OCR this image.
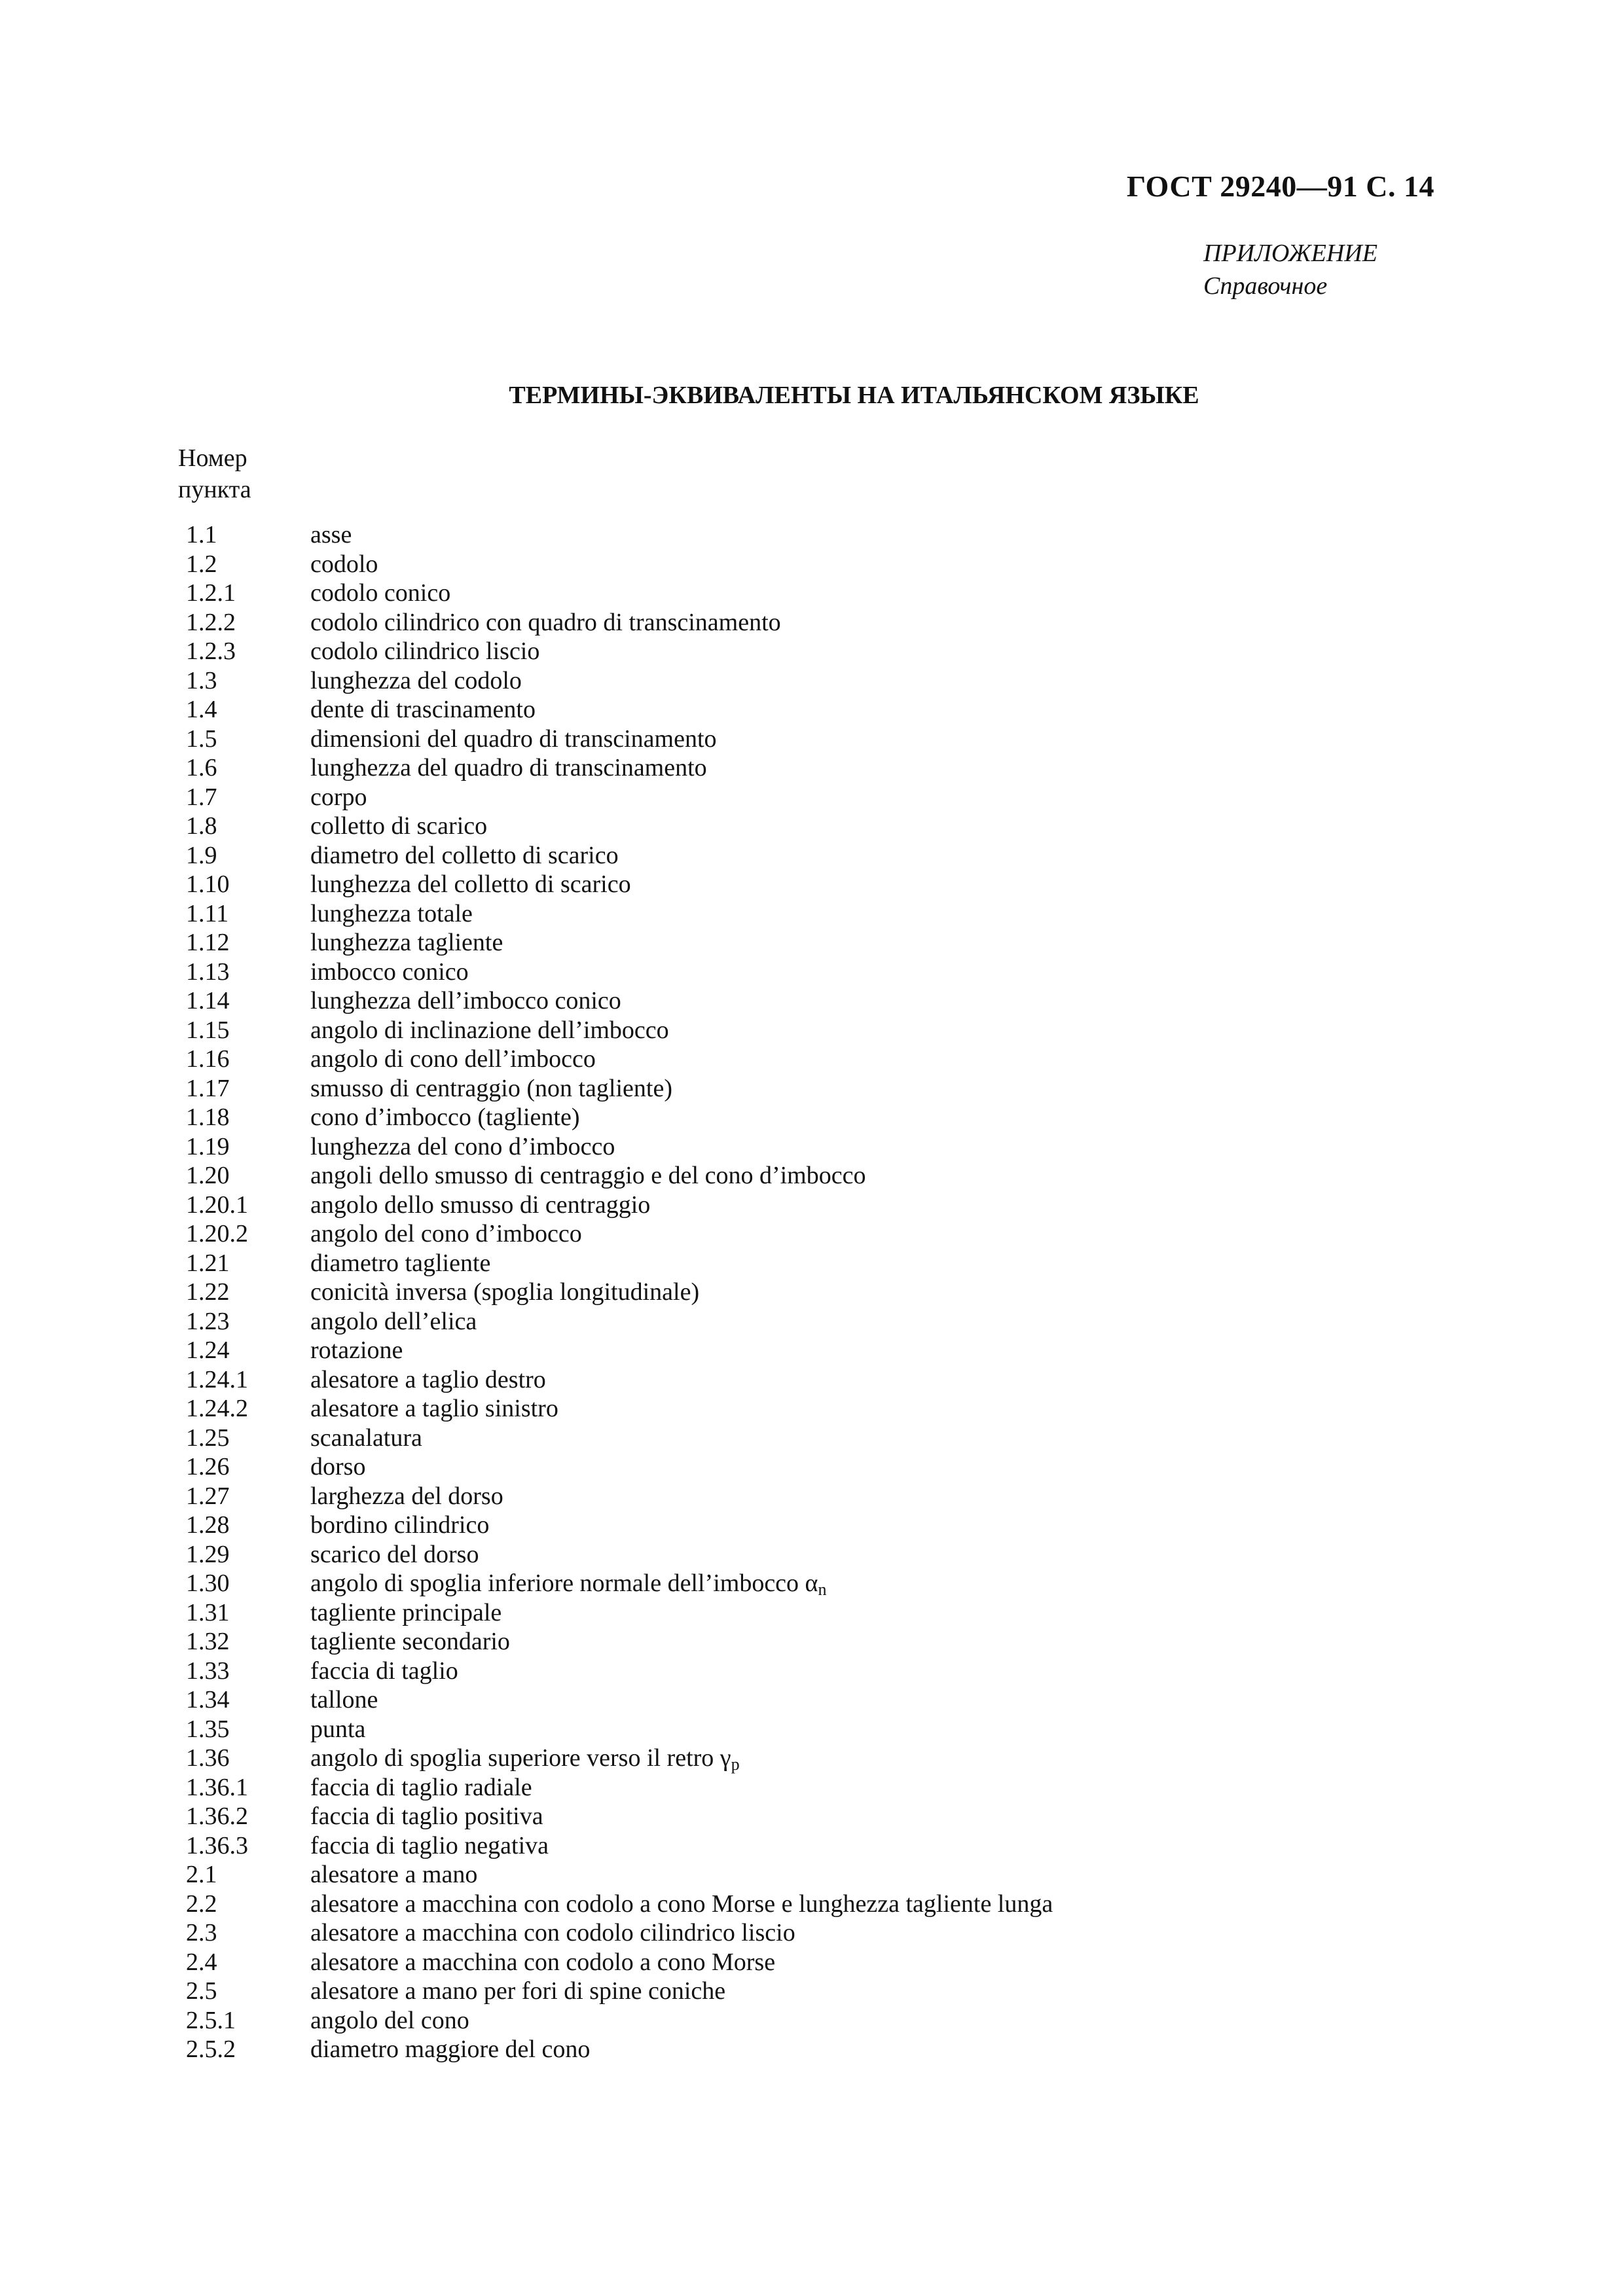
ГОСТ 29240—91 С. 14
ПРИЛОЖЕНИЕ
Справочное
ТЕРМИНЫ-ЭКВИВАЛЕНТЫ НА ИТАЛЬЯНСКОМ ЯЗЫКЕ
Номер
пункта
1.1	asse
1.2	codolo
1.2.1	codolo conico
1.2.2	codolo cilindrico con quadro di transcinamento
1.2.3	codolo cilindrico liscio
1.3	lunghezza del codolo
1.4	dente di trascinamento
1.5	dimensioni del quadro di transcinamento
1.6	lunghezza del quadro di transcinamento
1.7	corpo
1.8	colletto di scarico
1.9	diametro del colletto di scarico
1.10	lunghezza del colletto di scarico
1.11	lunghezza totale
1.12	lunghezza tagliente
1.13	imbocco conico
1.14	lunghezza dell’imbocco conico
1.15	angolo di inclinazione dell’imbocco
1.16	angolo di cono dell’imbocco
1.17	smusso di centraggio (non tagliente)
1.18	cono d’imbocco (tagliente)
1.19	lunghezza del cono d’imbocco
1.20	angoli dello smusso di centraggio e del cono d’imbocco
1.20.1	angolo dello smusso di centraggio
1.20.2	angolo del cono d’imbocco
1.21	diametro tagliente
1.22	conicità inversa (spoglia longitudinale)
1.23	angolo dell’elica
1.24	rotazione
1.24.1	alesatore a taglio destro
1.24.2	alesatore a taglio sinistro
1.25	scanalatura
1.26	dorso
1.27	larghezza del dorso
1.28	bordino cilindrico
1.29	scarico del dorso
1.30	angolo di spoglia inferiore normale dell’imbocco $\alpha_n$
1.31	tagliente principale
1.32	tagliente secondario
1.33	faccia di taglio
1.34	tallone
1.35	punta
1.36	angolo di spoglia superiore verso il retro $\gamma_p$
1.36.1	faccia di taglio radiale
1.36.2	faccia di taglio positiva
1.36.3	faccia di taglio negativa
2.1	alesatore a mano
2.2	alesatore a macchina con codolo a cono Morse e lunghezza tagliente lunga
2.3	alesatore a macchina con codolo cilindrico liscio
2.4	alesatore a macchina con codolo a cono Morse
2.5	alesatore a mano per fori di spine coniche
2.5.1	angolo del cono
2.5.2	diametro maggiore del cono
